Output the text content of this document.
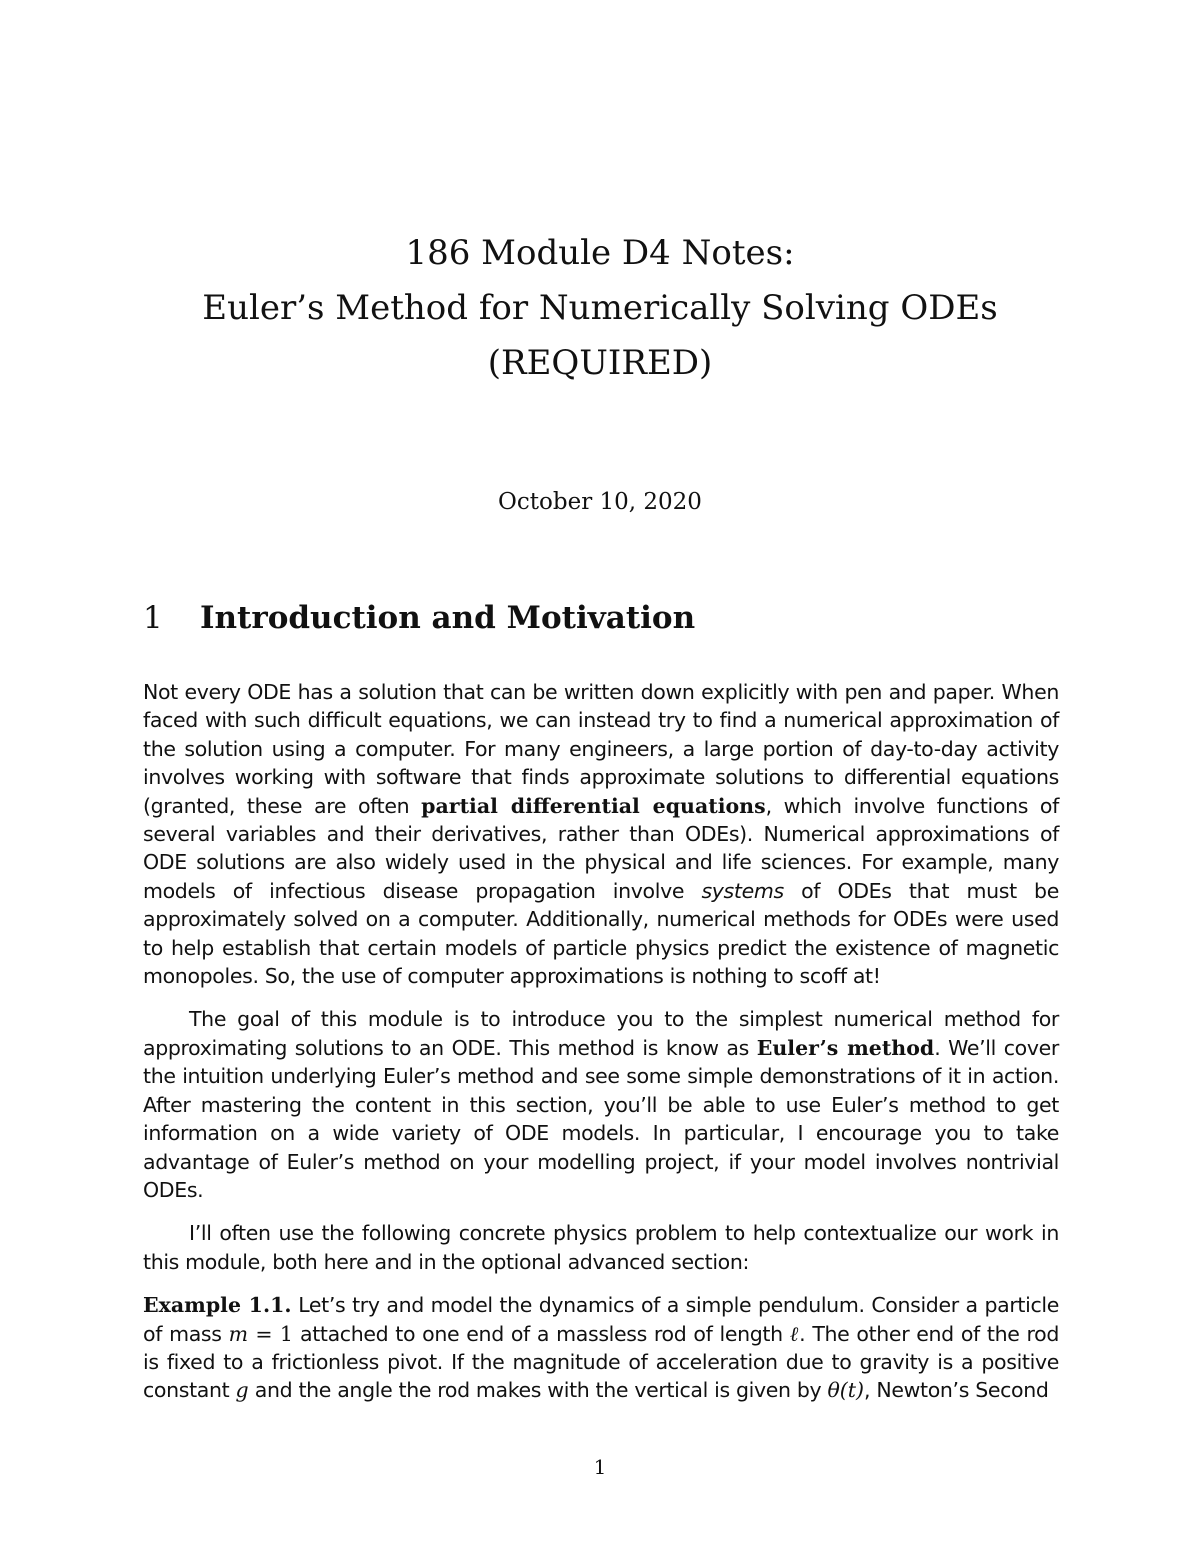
186 Module D4 Notes:
Euler’s Method for Numerically Solving ODEs
(REQUIRED)
October 10, 2020
1 Introduction and Motivation

Not every ODE has a solution that can be written down explicitly with pen and paper. When faced with such difficult equations, we can instead try to find a numerical approximation of the solution using a computer. For many engineers, a large portion of day-to-day activity involves working with software that finds approximate solutions to differential equations (granted, these are often partial differential equations, which involve functions of several variables and their derivatives, rather than ODEs). Numerical approximations of ODE solutions are also widely used in the physical and life sciences. For example, many models of infectious disease propagation involve systems of ODEs that must be approximately solved on a computer. Additionally, numerical methods for ODEs were used to help establish that certain models of particle physics predict the existence of magnetic monopoles. So, the use of computer approximations is nothing to scoff at!

The goal of this module is to introduce you to the simplest numerical method for approximating solutions to an ODE. This method is know as Euler’s method. We’ll cover the intuition underlying Euler’s method and see some simple demonstrations of it in action. After mastering the content in this section, you’ll be able to use Euler’s method to get information on a wide variety of ODE models. In particular, I encourage you to take advantage of Euler’s method on your modelling project, if your model involves nontrivial ODEs.

I’ll often use the following concrete physics problem to help contextualize our work in this module, both here and in the optional advanced section:

Example 1.1. Let’s try and model the dynamics of a simple pendulum. Consider a particle of mass m = 1 attached to one end of a massless rod of length ℓ. The other end of the rod is fixed to a frictionless pivot. If the magnitude of acceleration due to gravity is a positive constant g and the angle the rod makes with the vertical is given by θ(t), Newton’s Second

1
